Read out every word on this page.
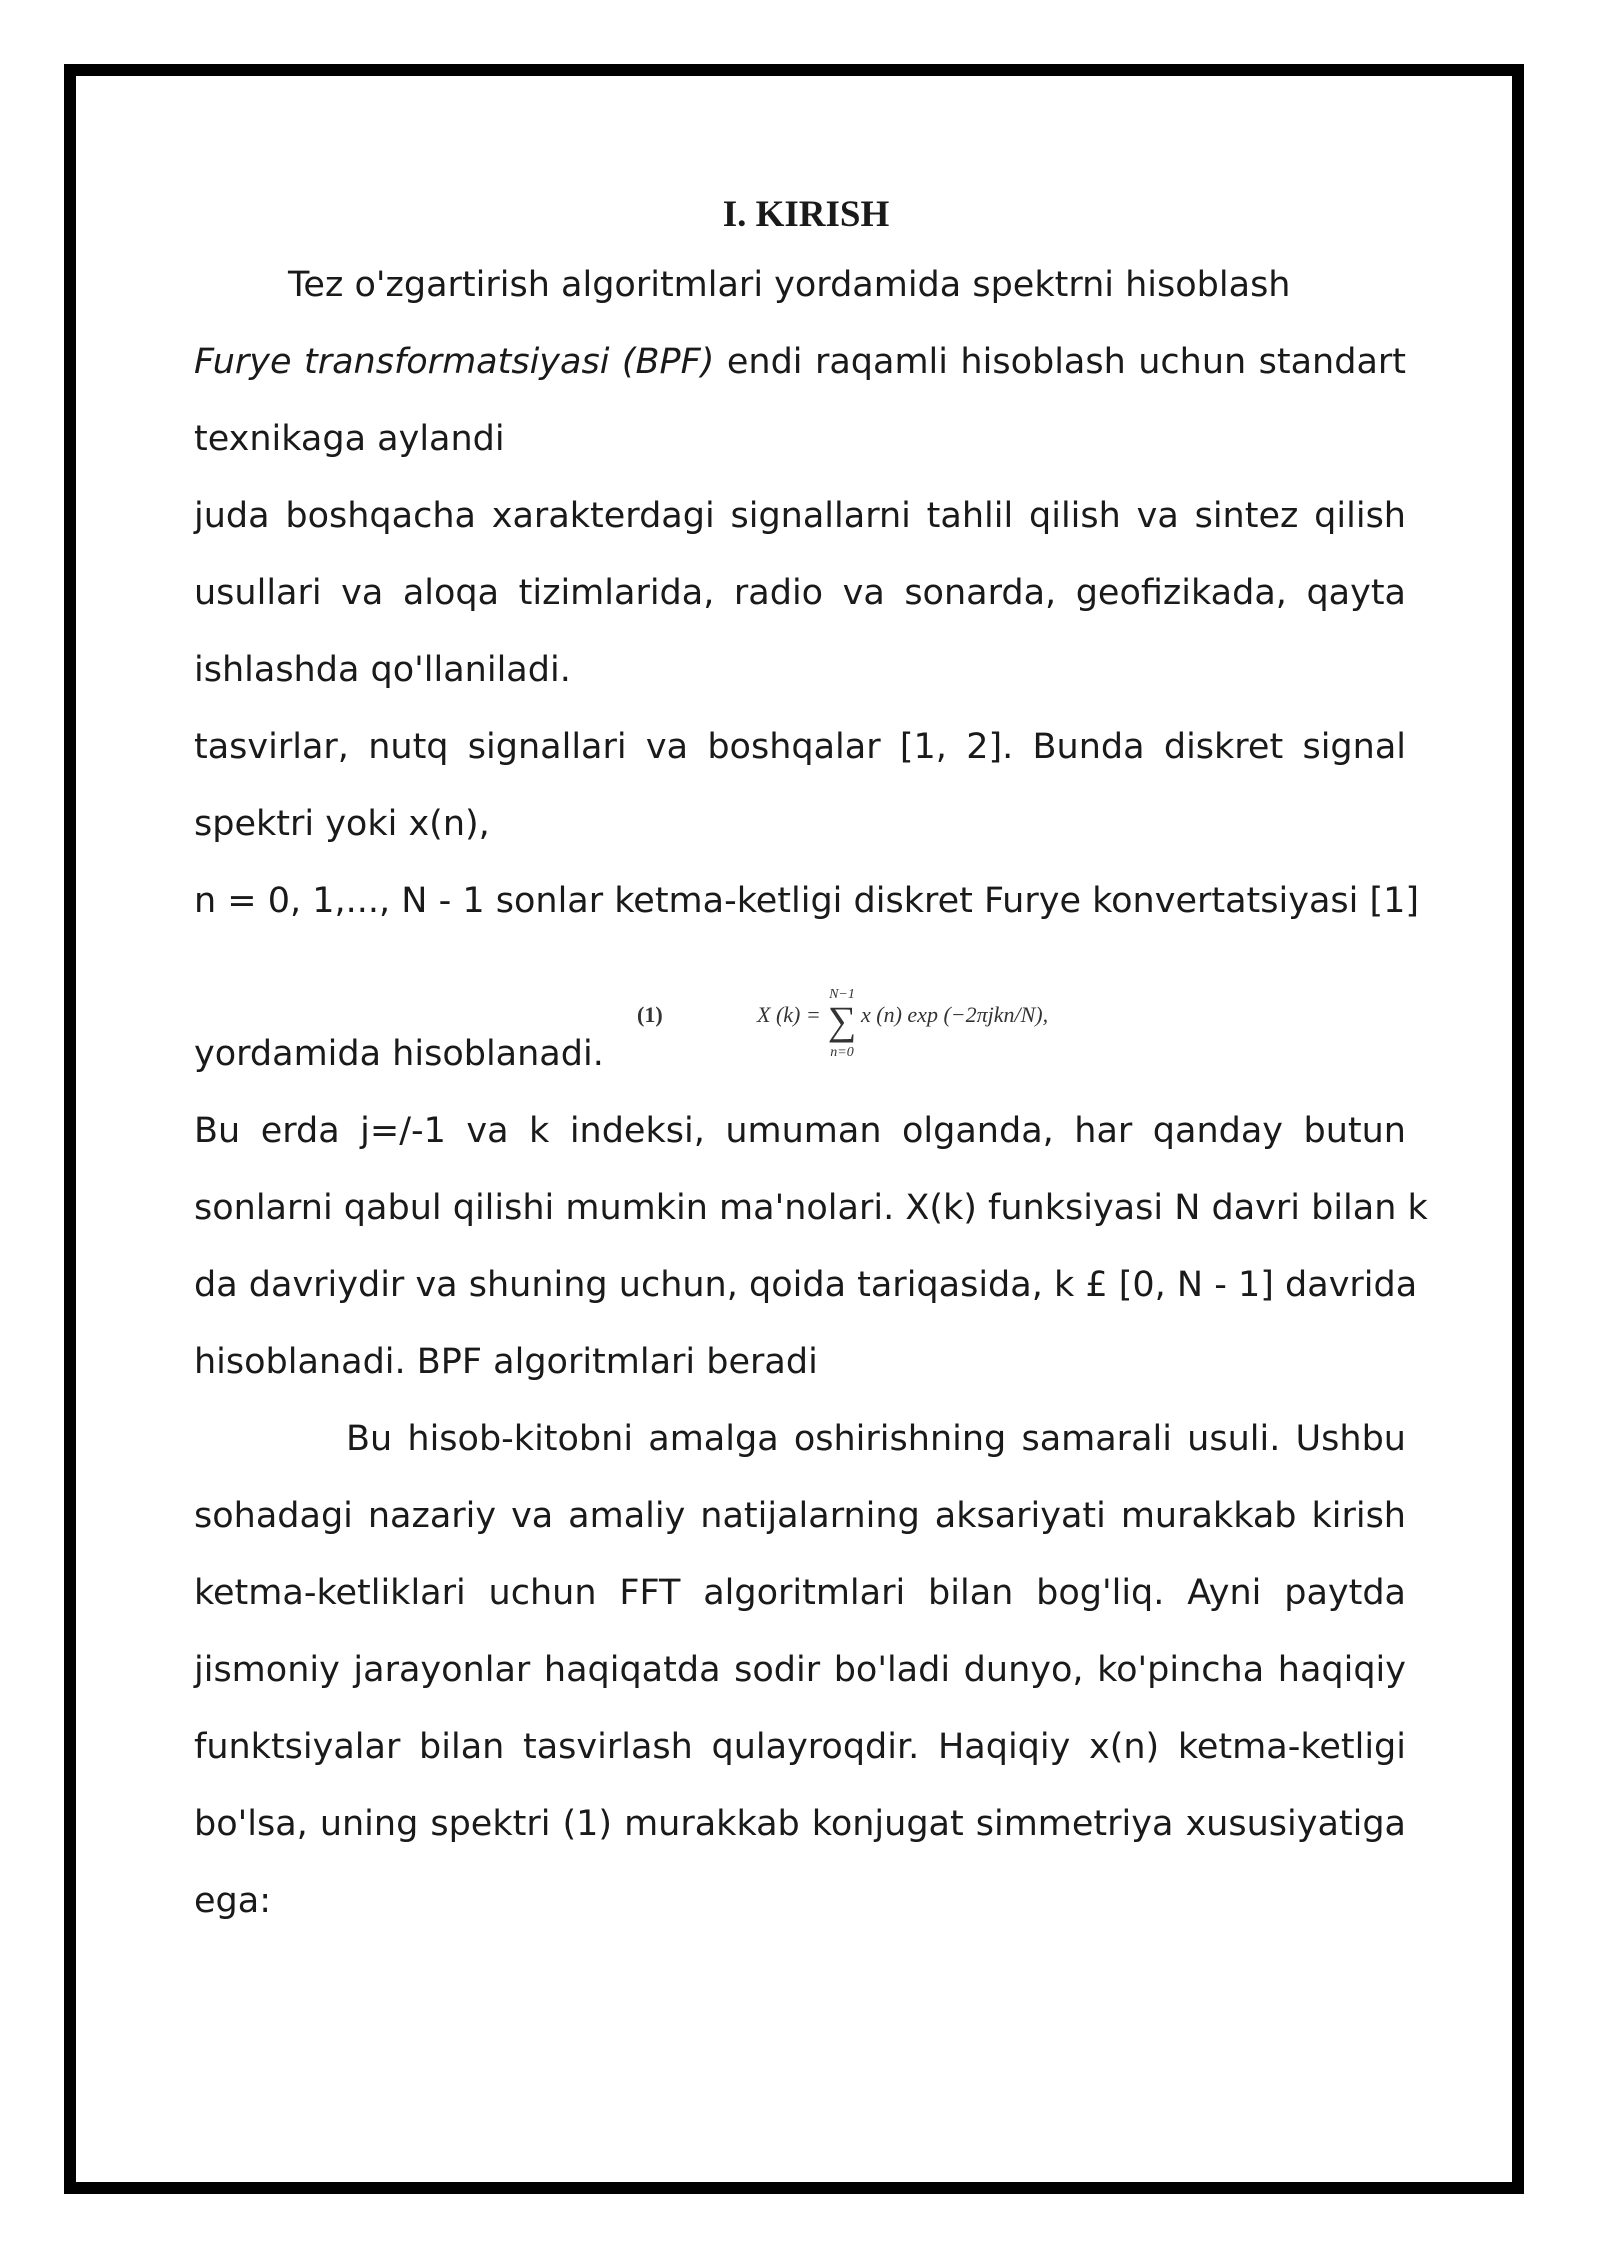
I. KIRISH
Tez o'zgartirish algoritmlari yordamida spektrni hisoblash
Furye transformatsiyasi (BPF) endi raqamli hisoblash uchun standart
texnikaga aylandi
juda boshqacha xarakterdagi signallarni tahlil qilish va sintez qilish
usullari va aloqa tizimlarida, radio va sonarda, geofizikada, qayta
ishlashda qo'llaniladi.
tasvirlar, nutq signallari va boshqalar [1, 2]. Bunda diskret signal
spektri yoki x(n),
n = 0, 1,..., N - 1 sonlar ketma-ketligi diskret Furye konvertatsiyasi [1]
yordamida hisoblanadi.
Bu erda j=/-1 va k indeksi, umuman olganda, har qanday butun
sonlarni qabul qilishi mumkin ma'nolari. X(k) funksiyasi N davri bilan k
da davriydir va shuning uchun, qoida tariqasida, k £ [0, N - 1] davrida
hisoblanadi. BPF algoritmlari beradi
Bu hisob-kitobni amalga oshirishning samarali usuli. Ushbu
sohadagi nazariy va amaliy natijalarning aksariyati murakkab kirish
ketma-ketliklari uchun FFT algoritmlari bilan bog'liq. Ayni paytda
jismoniy jarayonlar haqiqatda sodir bo'ladi dunyo, ko'pincha haqiqiy
funktsiyalar bilan tasvirlash qulayroqdir. Haqiqiy x(n) ketma-ketligi
bo'lsa, uning spektri (1) murakkab konjugat simmetriya xususiyatiga
ega:
(1)	X (k) =
N−1
∑
n=0
x (n) exp (−2πjkn/N),
